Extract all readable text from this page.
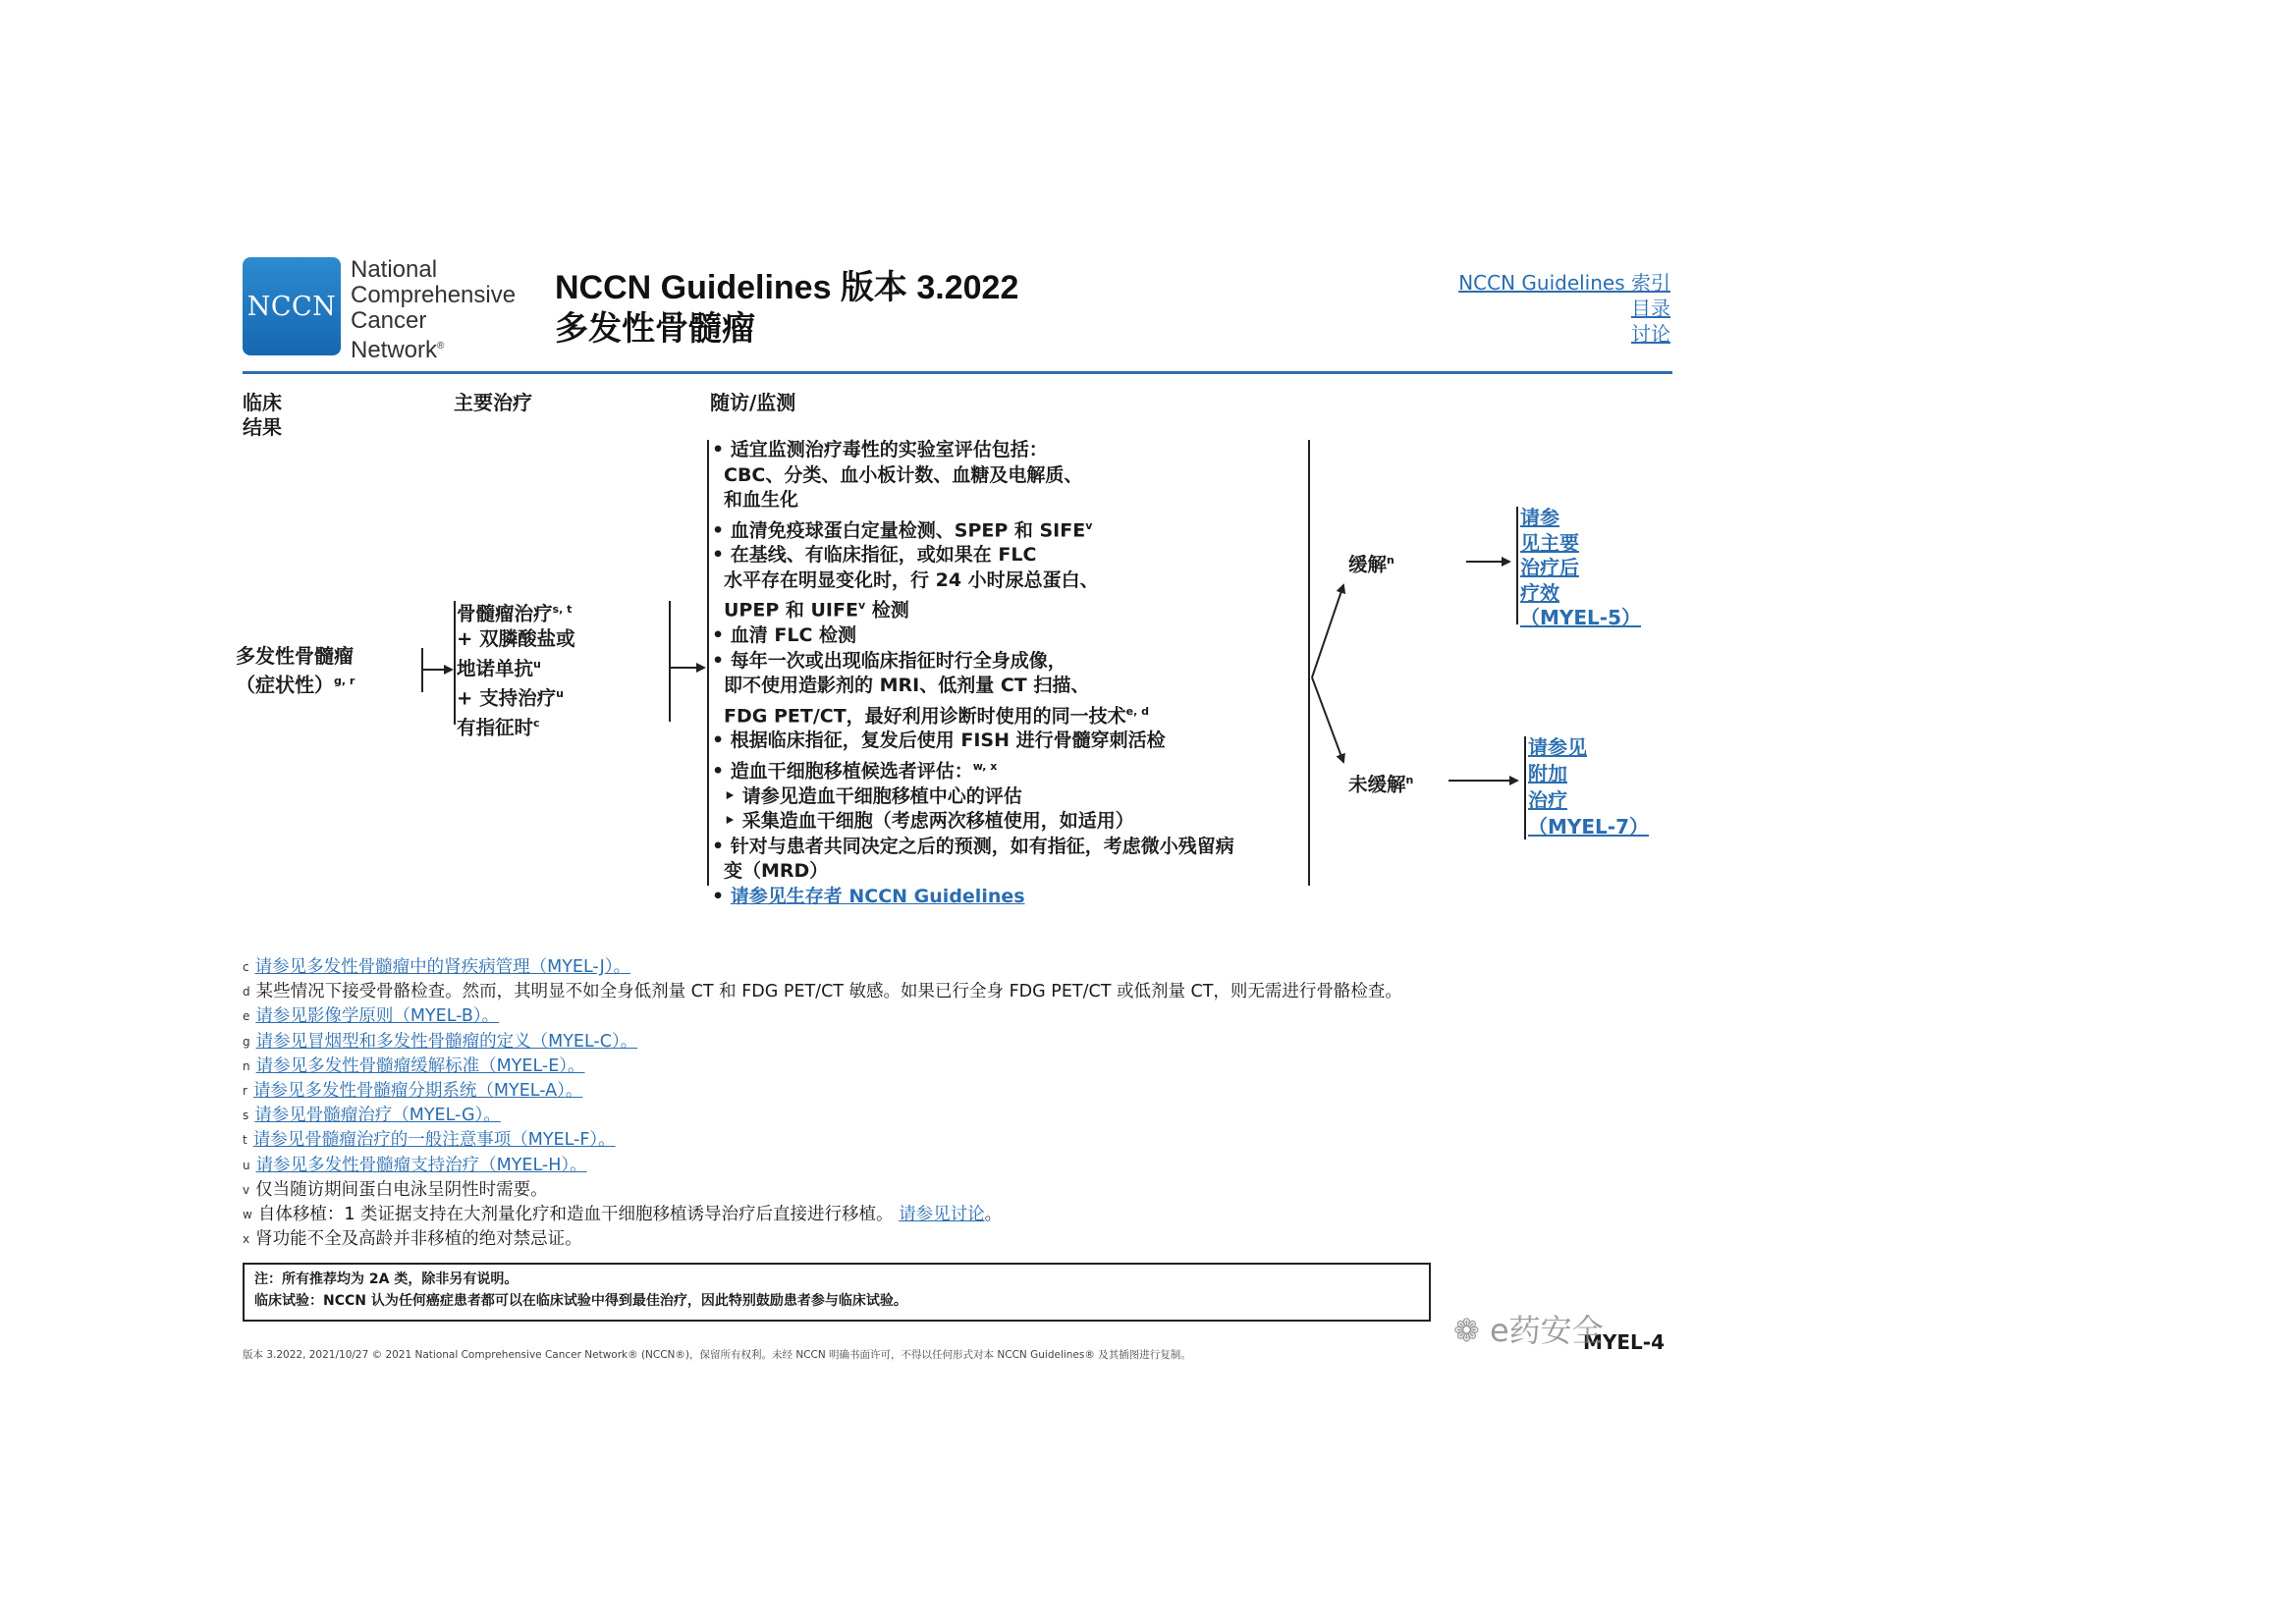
NCCN
National
Comprehensive
Cancer
Network®
NCCN Guidelines 版本 3.2022
多发性骨髓瘤
NCCN Guidelines 索引
目录
讨论
临床
结果
主要治疗	随访/监测
多发性骨髓瘤
（症状性）$^{g, r}$
骨髓瘤治疗$^{s, t}$
+ 双膦酸盐或
地诺单抗$^u$
+ 支持治疗$^u$
有指征时$^c$
• 适宜监测治疗毒性的实验室评估包括：
CBC、分类、血小板计数、血糖及电解质、
和血生化
• 血清免疫球蛋白定量检测、SPEP 和 SIFE$^v$
• 在基线、有临床指征，或如果在 FLC
水平存在明显变化时，行 24 小时尿总蛋白、
UPEP 和 UIFE$^v$ 检测
• 血清 FLC 检测
• 每年一次或出现临床指征时行全身成像，
即不使用造影剂的 MRI、低剂量 CT 扫描、
FDG PET/CT，最好利用诊断时使用的同一技术$^{e, d}$
• 根据临床指征，复发后使用 FISH 进行骨髓穿刺活检
• 造血干细胞移植候选者评估：$^{w, x}$
‣ 请参见造血干细胞移植中心的评估
‣ 采集造血干细胞（考虑两次移植使用，如适用）
• 针对与患者共同决定之后的预测，如有指征，考虑微小残留病
变（MRD）
• 请参见生存者 NCCN Guidelines
缓解$^n$
未缓解$^n$
请参
见主要
治疗后
疗效
（MYEL-5）
请参见
附加
治疗
（MYEL-7）
$^c$ 请参见多发性骨髓瘤中的肾疾病管理（MYEL-J）。
$^d$ 某些情况下接受骨骼检查。然而，其明显不如全身低剂量 CT 和 FDG PET/CT 敏感。如果已行全身 FDG PET/CT 或低剂量 CT，则无需进行骨骼检查。
$^e$ 请参见影像学原则（MYEL-B）。
$^g$ 请参见冒烟型和多发性骨髓瘤的定义（MYEL-C）。
$^n$ 请参见多发性骨髓瘤缓解标准（MYEL-E）。
$^r$ 请参见多发性骨髓瘤分期系统（MYEL-A）。
$^s$ 请参见骨髓瘤治疗（MYEL-G）。
$^t$ 请参见骨髓瘤治疗的一般注意事项（MYEL-F）。
$^u$ 请参见多发性骨髓瘤支持治疗（MYEL-H）。
$^v$ 仅当随访期间蛋白电泳呈阴性时需要。
$^w$ 自体移植：1 类证据支持在大剂量化疗和造血干细胞移植诱导治疗后直接进行移植。 请参见讨论。
$^x$ 肾功能不全及高龄并非移植的绝对禁忌证。
注：所有推荐均为 2A 类，除非另有说明。
临床试验：NCCN 认为任何癌症患者都可以在临床试验中得到最佳治疗，因此特别鼓励患者参与临床试验。
版本 3.2022, 2021/10/27 © 2021 National Comprehensive Cancer Network® (NCCN®)，保留所有权利。未经 NCCN 明确书面许可，不得以任何形式对本 NCCN Guidelines® 及其插图进行复制。
MYEL-4
❁ e药安全
